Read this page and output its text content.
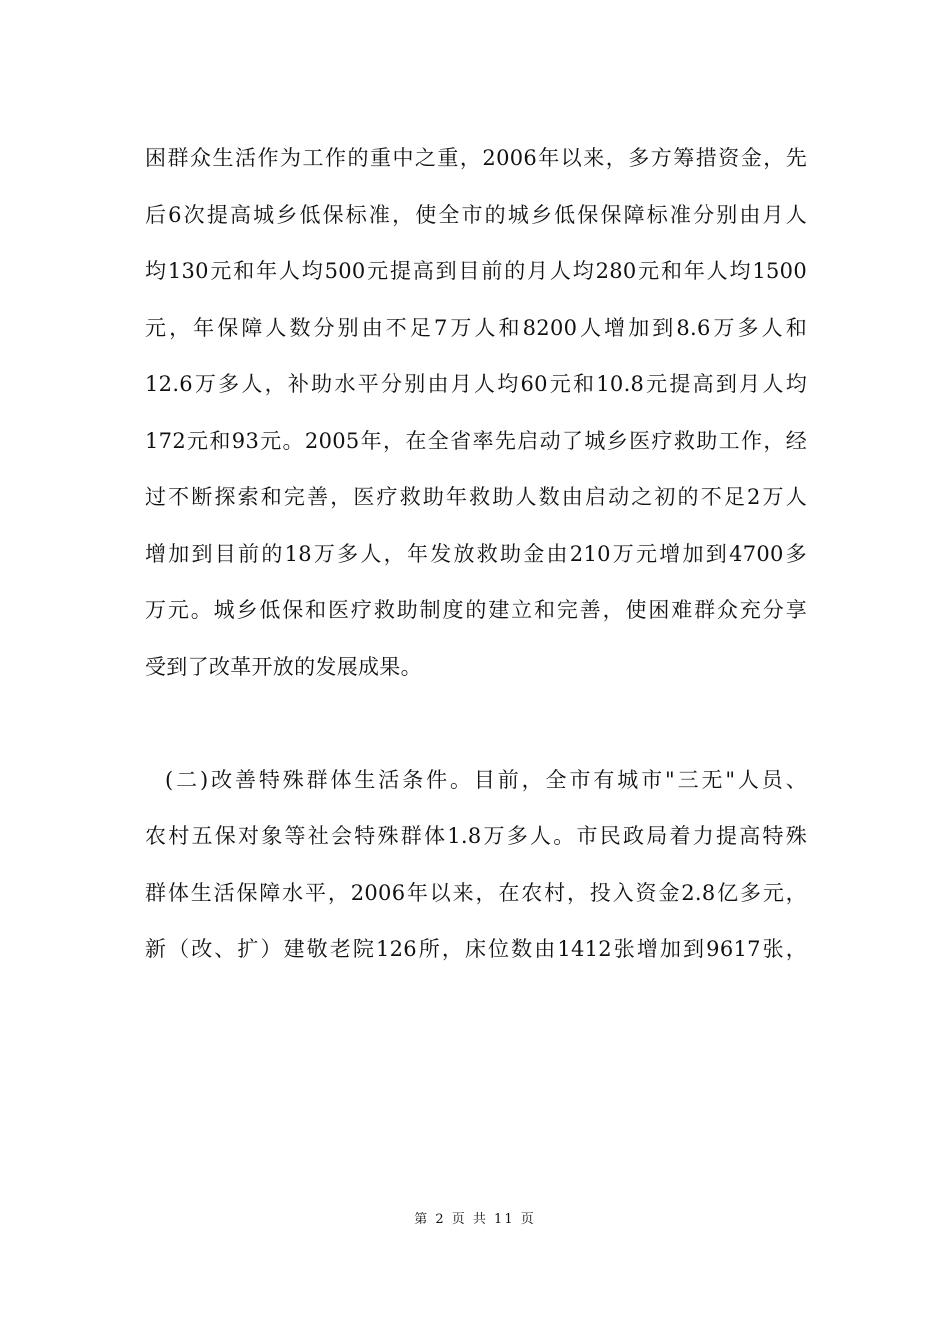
困群众生活作为工作的重中之重，2006年以来，多方筹措资金，先
后6次提高城乡低保标准，使全市的城乡低保保障标准分别由月人
均130元和年人均500元提高到目前的月人均280元和年人均1500
元，年保障人数分别由不足7万人和8200人增加到8.6万多人和
12.6万多人，补助水平分别由月人均60元和10.8元提高到月人均
172元和93元。2005年，在全省率先启动了城乡医疗救助工作，经
过不断探索和完善，医疗救助年救助人数由启动之初的不足2万人
增加到目前的18万多人，年发放救助金由210万元增加到4700多
万元。城乡低保和医疗救助制度的建立和完善，使困难群众充分享
受到了改革开放的发展成果。
(二)改善特殊群体生活条件。目前，全市有城市"三无"人员、
农村五保对象等社会特殊群体1.8万多人。市民政局着力提高特殊
群体生活保障水平，2006年以来，在农村，投入资金2.8亿多元，
新（改、扩）建敬老院126所，床位数由1412张增加到9617张，
第 2 页 共 11 页
